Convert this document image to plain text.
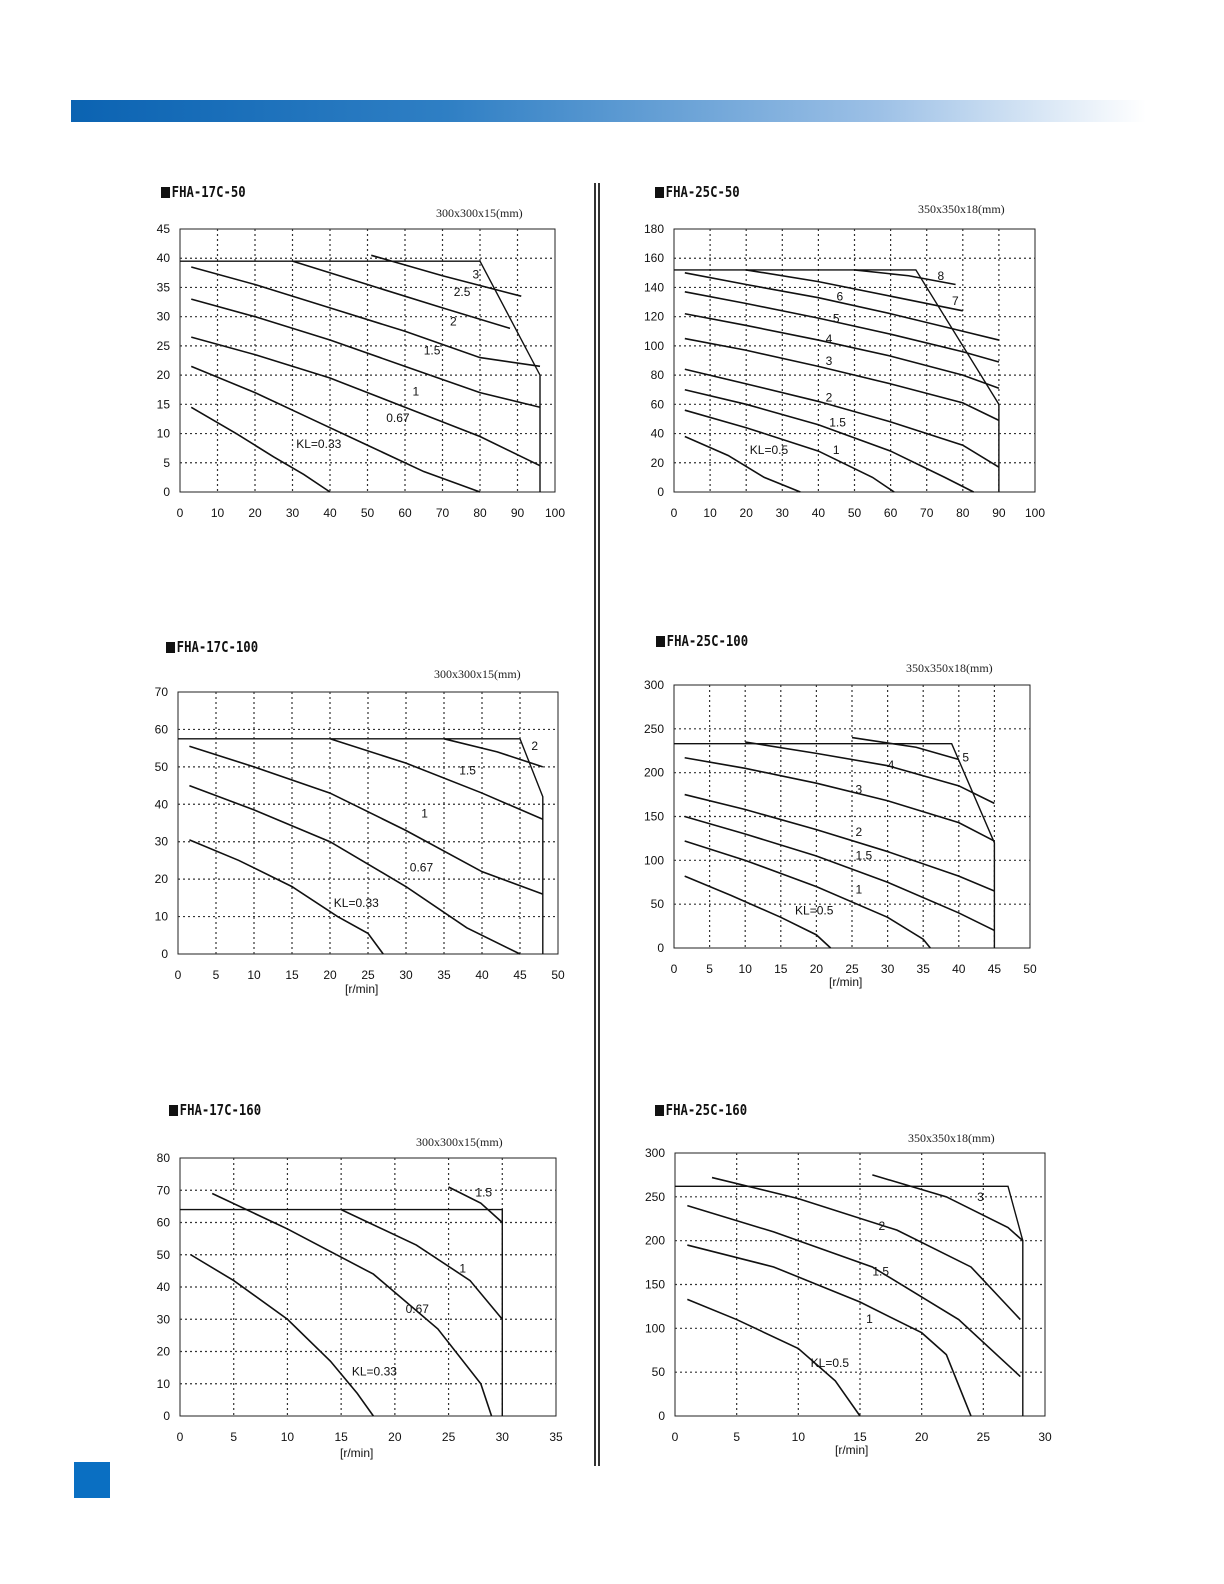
FHA-17C-50
300x300x15(mm)
0 10 20 30 40 50 60 70 80 90 100
0
5
10
15
20
25
30
35
40
45
KL=0.33
0.67
1
1.5
2
2.5
3
FHA-25C-50
350x350x18(mm)
0 10 20 30 40 50 60 70 80 90 100
0
20
40
60
80
100
120
140
160
180
KL=0.5	1
1.5
2
3
4
5
6	7
8
FHA-17C-100
300x300x15(mm)
0	5 10 15 20 25 30 35 40 45 50
0
10
20
30
40
50
60
70
KL=0.33
0.67
1
1.5
2
[r/min]
FHA-25C-100
350x350x18(mm)
0 5 10 15 20 25 30 35 40 45 50
0
50
100
150
200
250
300
KL=0.5
1
1.5
2
3
4
5
[r/min]
FHA-17C-160
300x300x15(mm)
0	5	10	15	20	25	30	35
0
10
20
30
40
50
60
70
80
KL=0.33
0.67
1
1.5
[r/min]
FHA-25C-160
350x350x18(mm)
0	5	10	15	20	25	30
0
50
100
150
200
250
300
KL=0.5
1
1.5
2
3
[r/min]
